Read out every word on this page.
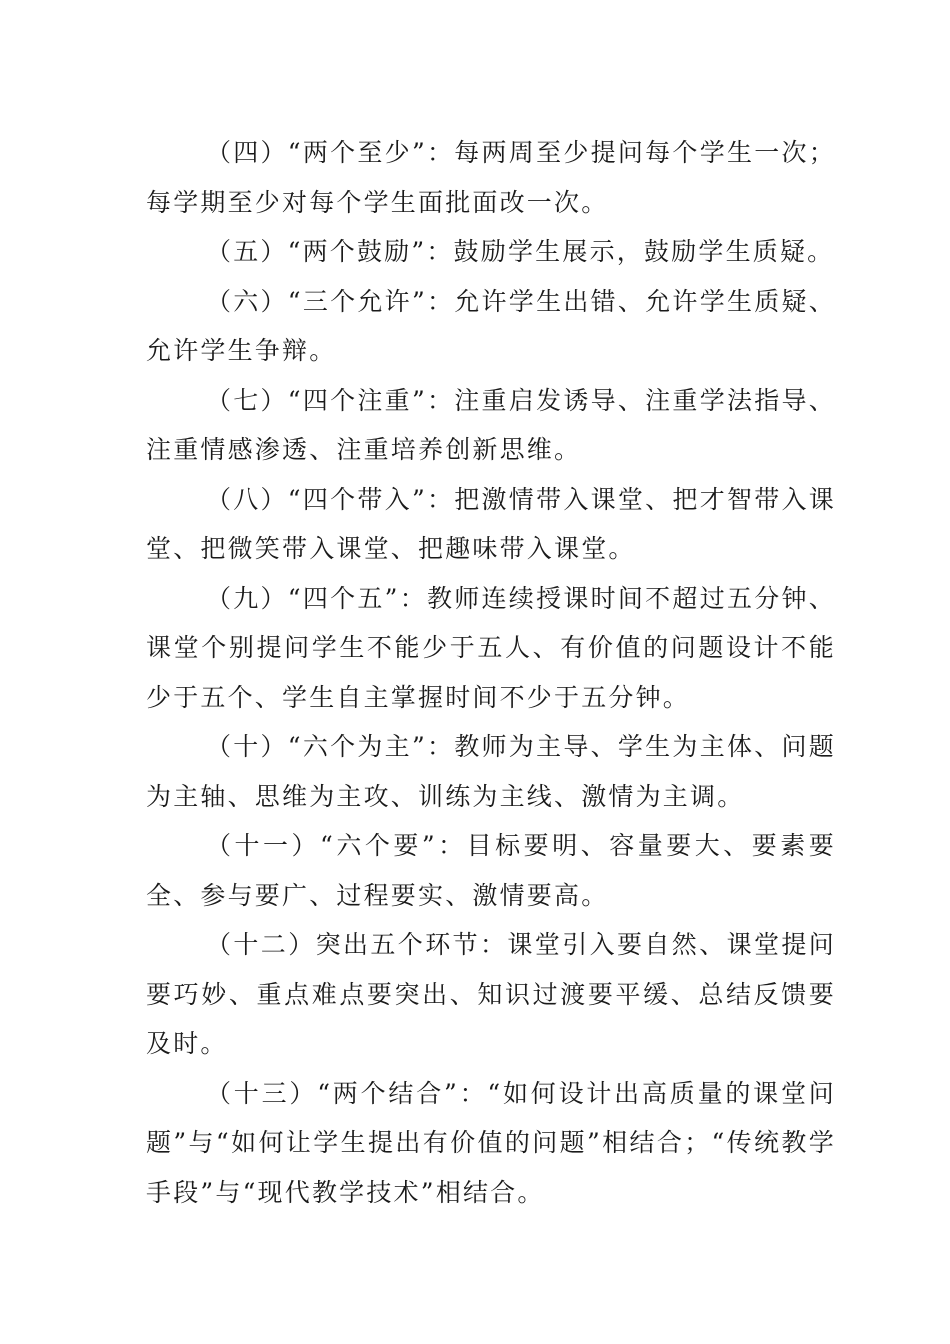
（四）“两个至少”：每两周至少提问每个学生一次；每学期至少对每个学生面批面改一次。

（五）“两个鼓励”：鼓励学生展示，鼓励学生质疑。

（六）“三个允许”：允许学生出错、允许学生质疑、允许学生争辩。

（七）“四个注重”：注重启发诱导、注重学法指导、注重情感渗透、注重培养创新思维。

（八）“四个带入”：把激情带入课堂、把才智带入课堂、把微笑带入课堂、把趣味带入课堂。

（九）“四个五”：教师连续授课时间不超过五分钟、课堂个别提问学生不能少于五人、有价值的问题设计不能少于五个、学生自主掌握时间不少于五分钟。

（十）“六个为主”：教师为主导、学生为主体、问题为主轴、思维为主攻、训练为主线、激情为主调。

（十一）“六个要”：目标要明、容量要大、要素要全、参与要广、过程要实、激情要高。

（十二）突出五个环节：课堂引入要自然、课堂提问要巧妙、重点难点要突出、知识过渡要平缓、总结反馈要及时。

（十三）“两个结合”：“如何设计出高质量的课堂问题”与“如何让学生提出有价值的问题”相结合；“传统教学手段”与“现代教学技术”相结合。
